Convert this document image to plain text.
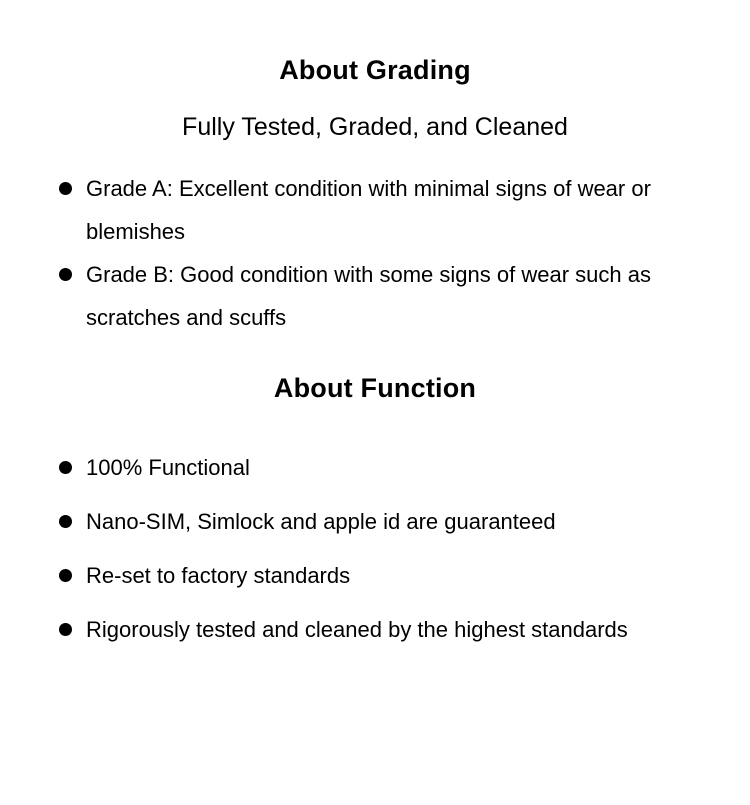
About Grading

Fully Tested, Graded, and Cleaned

Grade A: Excellent condition with minimal signs of wear or blemishes
Grade B: Good condition with some signs of wear such as scratches and scuffs
About Function
100% Functional
Nano-SIM, Simlock and apple id are guaranteed
Re-set to factory standards
Rigorously tested and cleaned by the highest standards
